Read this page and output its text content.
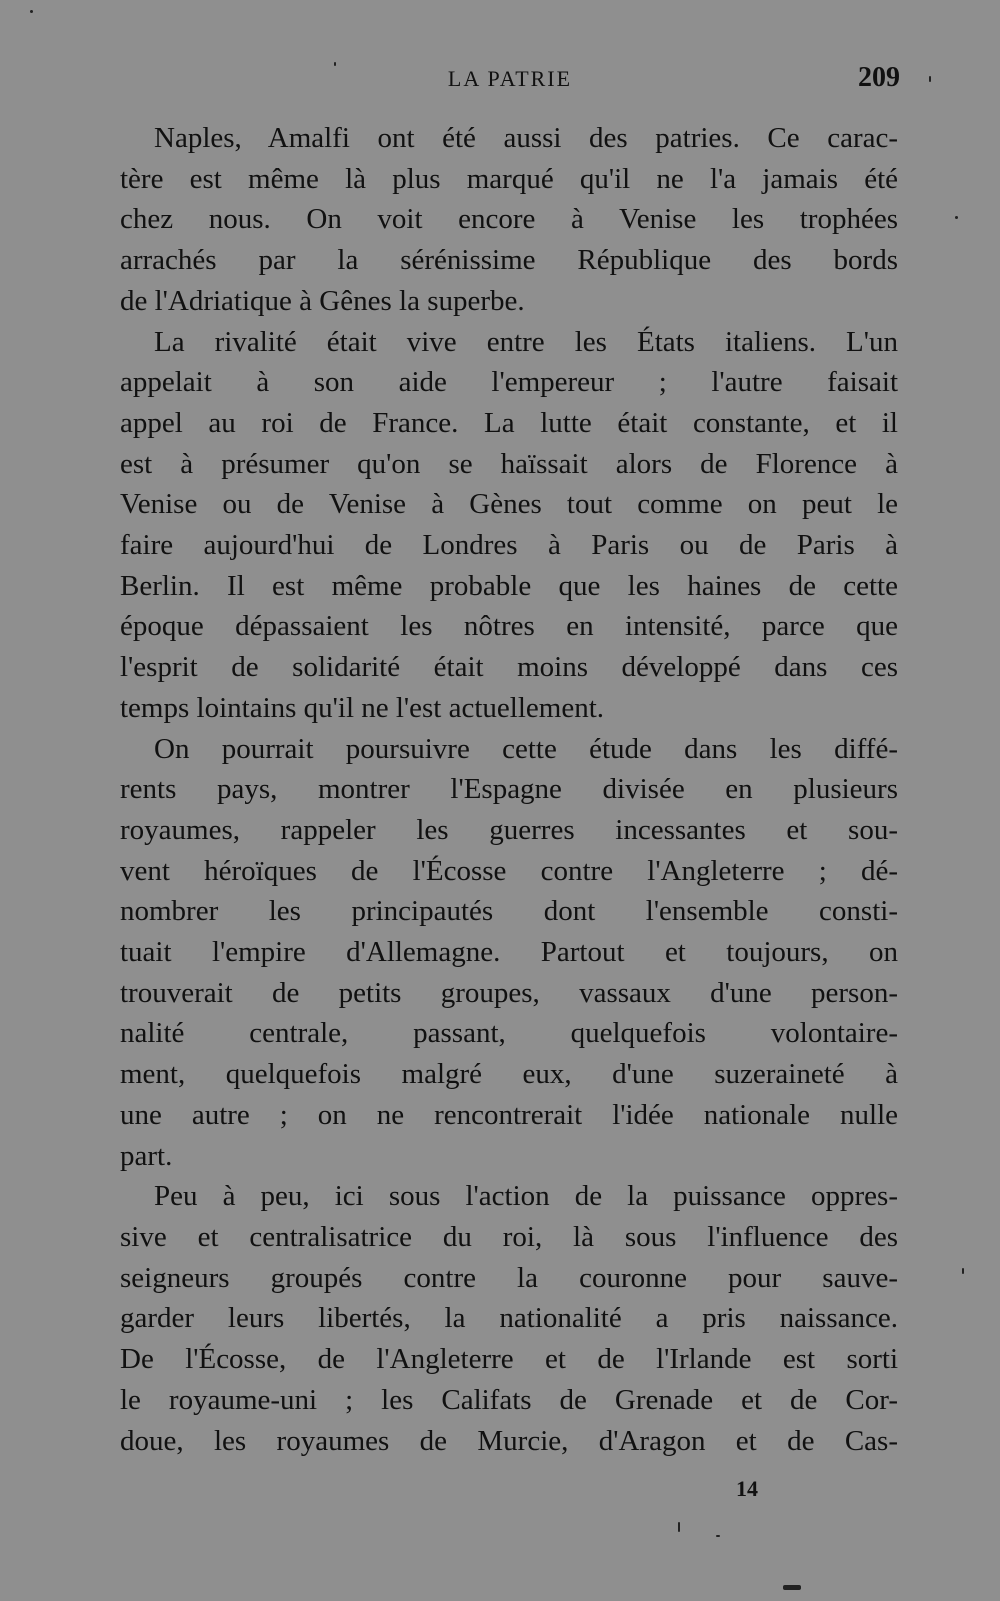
LA PATRIE	209
Naples, Amalfi ont été aussi des patries. Ce carac-
tère est même là plus marqué qu'il ne l'a jamais été
chez nous. On voit encore à Venise les trophées
arrachés par la sérénissime République des bords
de l'Adriatique à Gênes la superbe.
La rivalité était vive entre les États italiens. L'un
appelait à son aide l'empereur ; l'autre faisait
appel au roi de France. La lutte était constante, et il
est à présumer qu'on se haïssait alors de Florence à
Venise ou de Venise à Gènes tout comme on peut le
faire aujourd'hui de Londres à Paris ou de Paris à
Berlin. Il est même probable que les haines de cette
époque dépassaient les nôtres en intensité, parce que
l'esprit de solidarité était moins développé dans ces
temps lointains qu'il ne l'est actuellement.
On pourrait poursuivre cette étude dans les diffé-
rents pays, montrer l'Espagne divisée en plusieurs
royaumes, rappeler les guerres incessantes et sou-
vent héroïques de l'Écosse contre l'Angleterre ; dé-
nombrer les principautés dont l'ensemble consti-
tuait l'empire d'Allemagne. Partout et toujours, on
trouverait de petits groupes, vassaux d'une person-
nalité centrale, passant, quelquefois volontaire-
ment, quelquefois malgré eux, d'une suzeraineté à
une autre ; on ne rencontrerait l'idée nationale nulle
part.
Peu à peu, ici sous l'action de la puissance oppres-
sive et centralisatrice du roi, là sous l'influence des
seigneurs groupés contre la couronne pour sauve-
garder leurs libertés, la nationalité a pris naissance.
De l'Écosse, de l'Angleterre et de l'Irlande est sorti
le royaume-uni ; les Califats de Grenade et de Cor-
doue, les royaumes de Murcie, d'Aragon et de Cas-
14
